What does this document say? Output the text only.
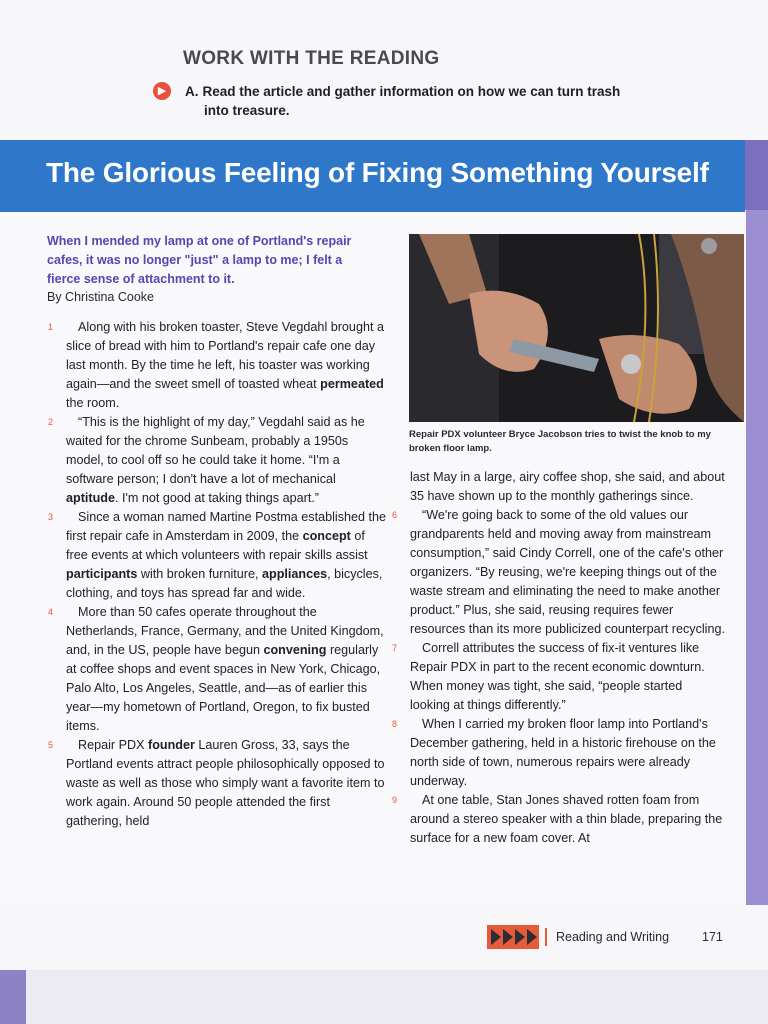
WORK WITH THE READING
▶	A. Read the article and gather information on how we can turn trash
into treasure.
The Glorious Feeling of Fixing Something Yourself
When I mended my lamp at one of Portland's repair cafes, it was no longer "just" a lamp to me; I felt a fierce sense of attachment to it.
By Christina Cooke

1 Along with his broken toaster, Steve Vegdahl brought a slice of bread with him to Portland's repair cafe one day last month. By the time he left, his toaster was working again—and the sweet smell of toasted wheat permeated the room.

2 “This is the highlight of my day,” Vegdahl said as he waited for the chrome Sunbeam, probably a 1950s model, to cool off so he could take it home. “I'm a software person; I don't have a lot of mechanical aptitude. I'm not good at taking things apart.”

3 Since a woman named Martine Postma established the first repair cafe in Amsterdam in 2009, the concept of free events at which volunteers with repair skills assist participants with broken furniture, appliances, bicycles, clothing, and toys has spread far and wide.

4 More than 50 cafes operate throughout the Netherlands, France, Germany, and the United Kingdom, and, in the US, people have begun convening regularly at coffee shops and event spaces in New York, Chicago, Palo Alto, Los Angeles, Seattle, and—as of earlier this year—my hometown of Portland, Oregon, to fix busted items.

5 Repair PDX founder Lauren Gross, 33, says the Portland events attract people philosophically opposed to waste as well as those who simply want a favorite item to work again. Around 50 people attended the first gathering, held

Repair PDX volunteer Bryce Jacobson tries to twist the knob to my broken floor lamp.

last May in a large, airy coffee shop, she said, and about 35 have shown up to the monthly gatherings since.

6 “We're going back to some of the old values our grandparents held and moving away from mainstream consumption,” said Cindy Correll, one of the cafe's other organizers. “By reusing, we're keeping things out of the waste stream and eliminating the need to make another product.” Plus, she said, reusing requires fewer resources than its more publicized counterpart recycling.

7 Correll attributes the success of fix-it ventures like Repair PDX in part to the recent economic downturn. When money was tight, she said, “people started looking at things differently.”

8 When I carried my broken floor lamp into Portland's December gathering, held in a historic firehouse on the north side of town, numerous repairs were already underway.

9 At one table, Stan Jones shaved rotten foam from around a stereo speaker with a thin blade, preparing the surface for a new foam cover. At

Reading and Writing	171
